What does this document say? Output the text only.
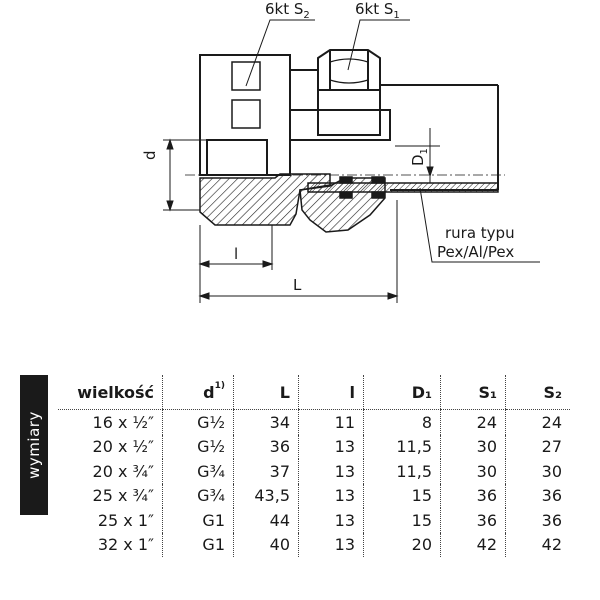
6kt $S_2$	6kt $S_1$
d	$D_1$
rura typu
Pex/Al/Pex
l
L
wymiary
wielkość	$d^{1)}$	L	l	D₁	S₁	S₂
16 x ½″	G½	34	11	8	24	24
20 x ½″	G½	36	13	11,5	30	27
20 x ¾″	G¾	37	13	11,5	30	30
25 x ¾″	G¾	43,5	13	15	36	36
25 x 1″	G1	44	13	15	36	36
32 x 1″	G1	40	13	20	42	42
